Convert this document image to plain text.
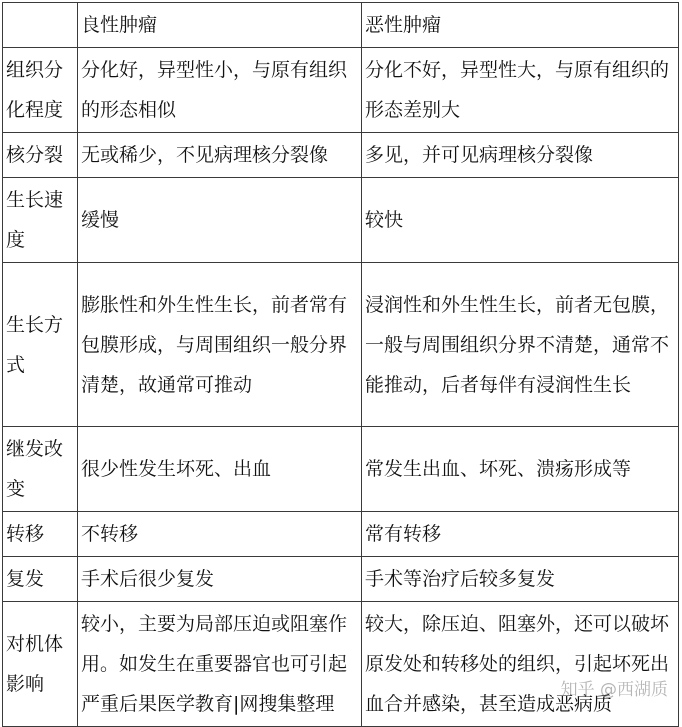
	良性肿瘤	恶性肿瘤
组织分化程度	分化好，异型性小，与原有组织的形态相似	分化不好，异型性大，与原有组织的形态差别大
核分裂	无或稀少，不见病理核分裂像	多见，并可见病理核分裂像
生长速度	缓慢	较快
生长方式	膨胀性和外生性生长，前者常有包膜形成，与周围组织一般分界清楚，故通常可推动	浸润性和外生性生长，前者无包膜，一般与周围组织分界不清楚，通常不能推动，后者每伴有浸润性生长
继发改变	很少性发生坏死、出血	常发生出血、坏死、溃疡形成等
转移	不转移	常有转移
复发	手术后很少复发	手术等治疗后较多复发
对机体影响	较小，主要为局部压迫或阻塞作用。如发生在重要器官也可引起严重后果医学教育|网搜集整理	较大，除压迫、阻塞外，还可以破坏原发处和转移处的组织，引起坏死出血合并感染，甚至造成恶病质
知乎 @西湖质
